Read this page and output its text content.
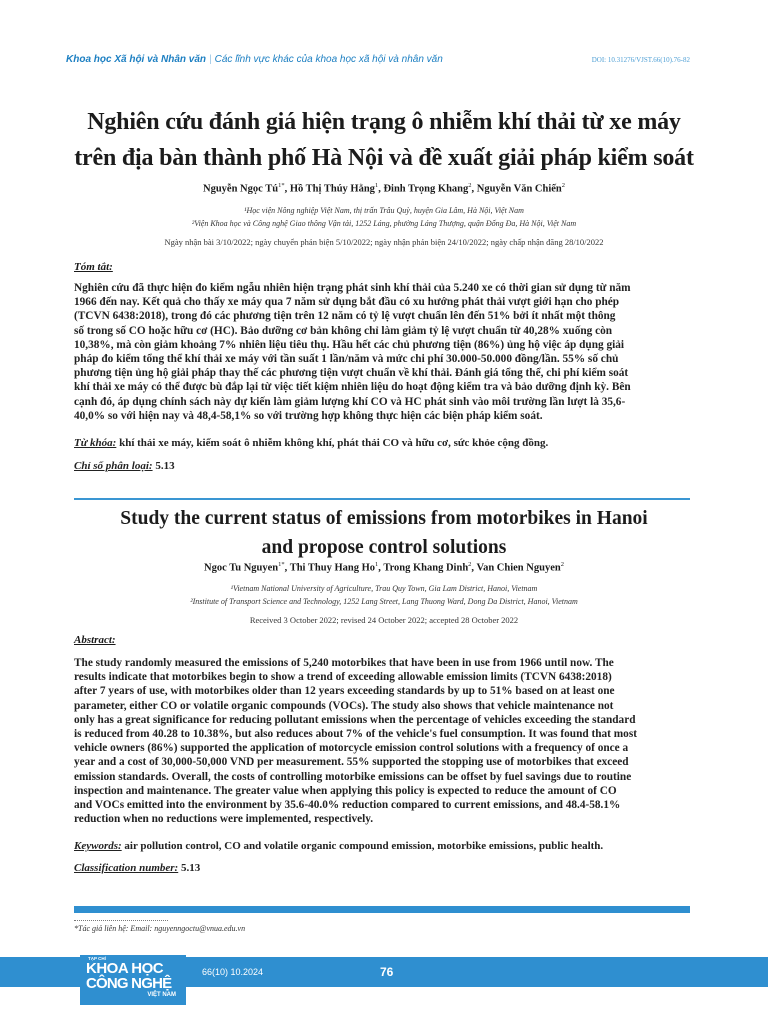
Khoa học Xã hội và Nhân văn | Các lĩnh vực khác của khoa học xã hội và nhân văn	DOI: 10.31276/VJST.66(10).76-82
Nghiên cứu đánh giá hiện trạng ô nhiễm khí thải từ xe máy
trên địa bàn thành phố Hà Nội và đề xuất giải pháp kiểm soát
Nguyễn Ngọc $Tú^{1*}$, Hồ Thị Thúy Hằng$^1$, Đinh Trọng Khang$^2$, Nguyễn Văn Chiến$^2$
¹Học viện Nông nghiệp Việt Nam, thị trấn Trâu Quỳ, huyện Gia Lâm, Hà Nội, Việt Nam
²Viện Khoa học và Công nghệ Giao thông Vận tải, 1252 Láng, phường Láng Thượng, quận Đống Đa, Hà Nội, Việt Nam
Ngày nhận bài 3/10/2022; ngày chuyển phản biện 5/10/2022; ngày nhận phản biện 24/10/2022; ngày chấp nhận đăng 28/10/2022
Tóm tắt:
Nghiên cứu đã thực hiện đo kiểm ngẫu nhiên hiện trạng phát sinh khí thải của 5.240 xe có thời gian sử dụng từ năm
1966 đến nay. Kết quả cho thấy xe máy qua 7 năm sử dụng bắt đầu có xu hướng phát thải vượt giới hạn cho phép
(TCVN 6438:2018), trong đó các phương tiện trên 12 năm có tỷ lệ vượt chuẩn lên đến 51% bởi ít nhất một thông
số trong số CO hoặc hữu cơ (HC). Bảo dưỡng cơ bản không chỉ làm giảm tỷ lệ vượt chuẩn từ 40,28% xuống còn
10,38%, mà còn giảm khoảng 7% nhiên liệu tiêu thụ. Hầu hết các chủ phương tiện (86%) ủng hộ việc áp dụng giải
pháp đo kiểm tổng thể khí thải xe máy với tần suất 1 lần/năm và mức chi phí 30.000-50.000 đồng/lần. 55% số chủ
phương tiện ủng hộ giải pháp thay thế các phương tiện vượt chuẩn về khí thải. Đánh giá tổng thể, chi phí kiểm soát
khí thải xe máy có thể được bù đắp lại từ việc tiết kiệm nhiên liệu do hoạt động kiểm tra và bảo dưỡng định kỳ. Bên
cạnh đó, áp dụng chính sách này dự kiến làm giảm lượng khí CO và HC phát sinh vào môi trường lần lượt là 35,6-
40,0% so với hiện nay và 48,4-58,1% so với trường hợp không thực hiện các biện pháp kiểm soát.
Từ khóa: khí thải xe máy, kiểm soát ô nhiễm không khí, phát thải CO và hữu cơ, sức khỏe cộng đồng.
Chỉ số phân loại: 5.13
Study the current status of emissions from motorbikes in Hanoi
and propose control solutions
Ngoc Tu Nguyen$^{1*}$, Thi Thuy Hang Ho$^1$, Trong Khang Dinh$^2$, Van Chien Nguyen$^2$
¹Vietnam National University of Agriculture, Trau Quy Town, Gia Lam District, Hanoi, Vietnam
²Institute of Transport Science and Technology, 1252 Lang Street, Lang Thuong Ward, Dong Da District, Hanoi, Vietnam
Received 3 October 2022; revised 24 October 2022; accepted 28 October 2022
Abstract:
The study randomly measured the emissions of 5,240 motorbikes that have been in use from 1966 until now. The
results indicate that motorbikes begin to show a trend of exceeding allowable emission limits (TCVN 6438:2018)
after 7 years of use, with motorbikes older than 12 years exceeding standards by up to 51% based on at least one
parameter, either CO or volatile organic compounds (VOCs). The study also shows that vehicle maintenance not
only has a great significance for reducing pollutant emissions when the percentage of vehicles exceeding the standard
is reduced from 40.28 to 10.38%, but also reduces about 7% of the vehicle's fuel consumption. It was found that most
vehicle owners (86%) supported the application of motorcycle emission control solutions with a frequency of once a
year and a cost of 30,000-50,000 VND per measurement. 55% supported the stopping use of motorbikes that exceed
emission standards. Overall, the costs of controlling motorbike emissions can be offset by fuel savings due to routine
inspection and maintenance. The greater value when applying this policy is expected to reduce the amount of CO
and VOCs emitted into the environment by 35.6-40.0% reduction compared to current emissions, and 48.4-58.1%
reduction when no reductions were implemented, respectively.
Keywords: air pollution control, CO and volatile organic compound emission, motorbike emissions, public health.
Classification number: 5.13
*Tác giả liên hệ: Email: nguyenngoctu@vnua.edu.vn
TẠP CHÍ
KHOA HỌC
CÔNG NGHỆ
VIỆT NAM
66(10) 10.2024	76
